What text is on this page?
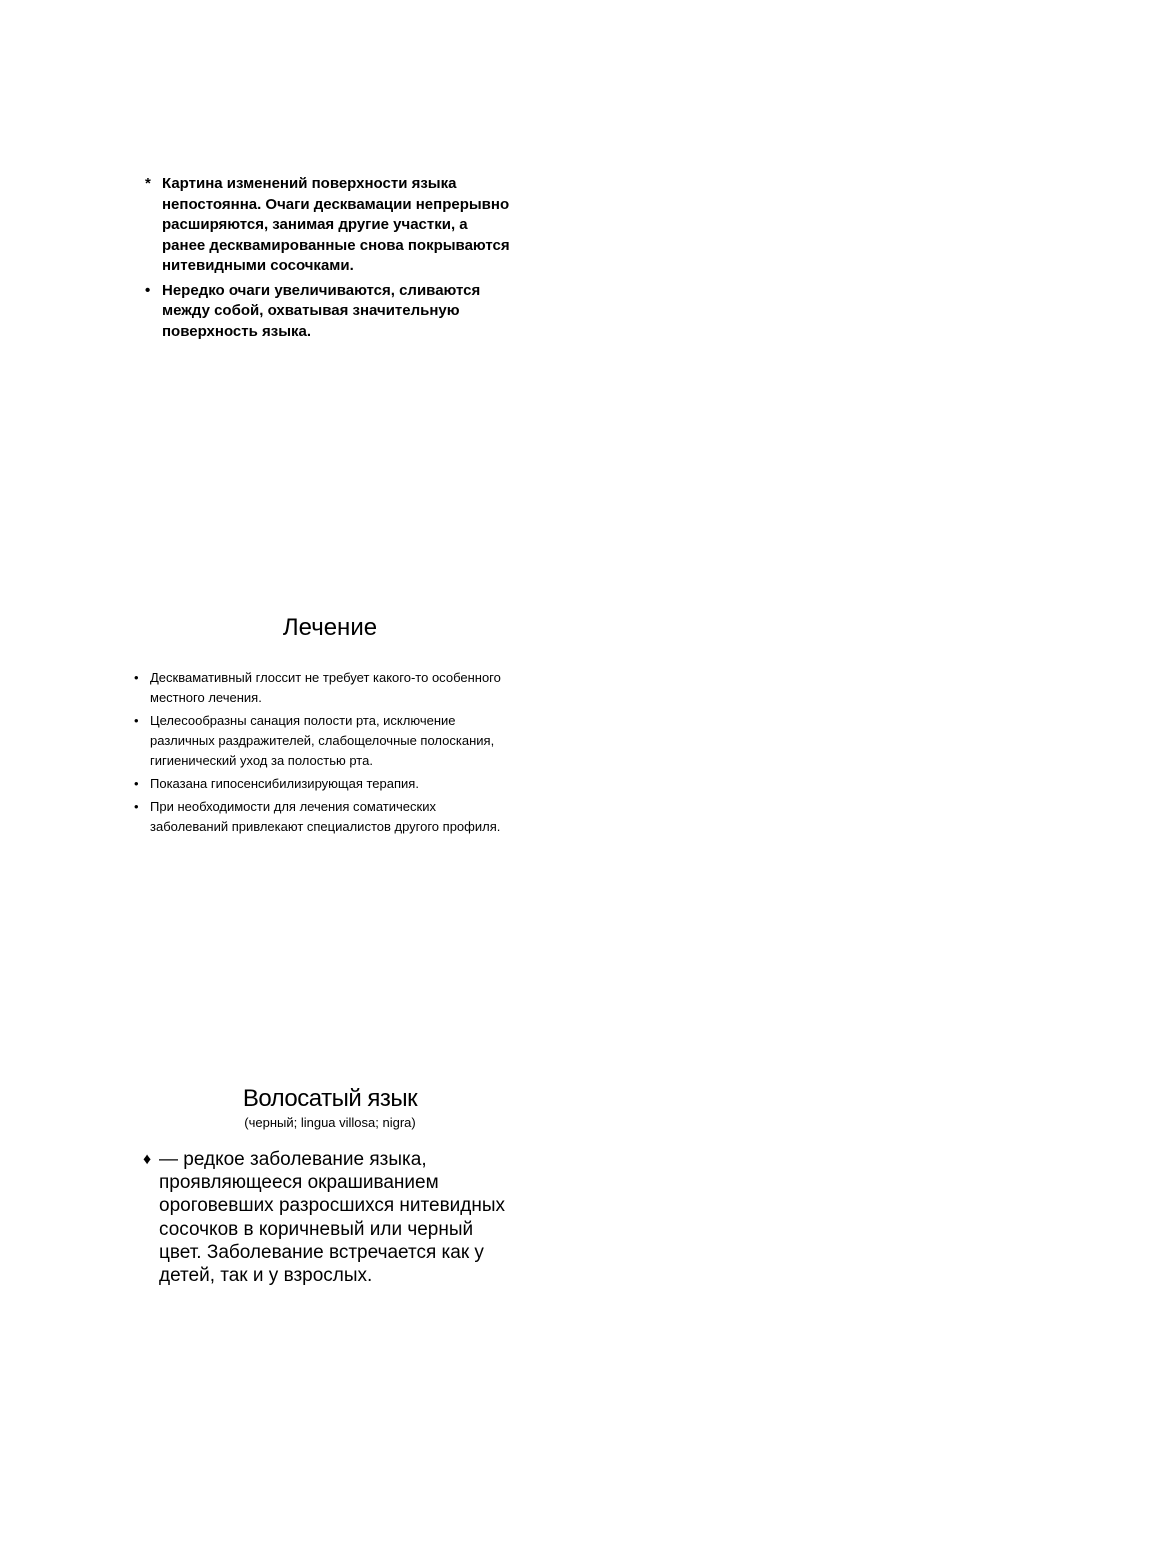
* Картина изменений поверхности языка непостоянна. Очаги десквамации непрерывно расширяются, занимая другие участки, а ранее десквамированные снова покрываются нитевидными сосочками.
• Нередко очаги увеличиваются, сливаются между собой, охватывая значительную поверхность языка.
Лечение
• Десквамативный глоссит не требует какого-то особенного местного лечения.
• Целесообразны санация полости рта, исключение различных раздражителей, слабощелочные полоскания, гигиенический уход за полостью рта.
• Показана гипосенсибилизирующая терапия.
• При необходимости для лечения соматических заболеваний привлекают специалистов другого профиля.
Волосатый язык
(черный; lingua villosa; nigra)
♦ — редкое заболевание языка, проявляющееся окрашиванием ороговевших разросшихся нитевидных сосочков в коричневый или черный цвет. Заболевание встречается как у детей, так и у взрослых.
